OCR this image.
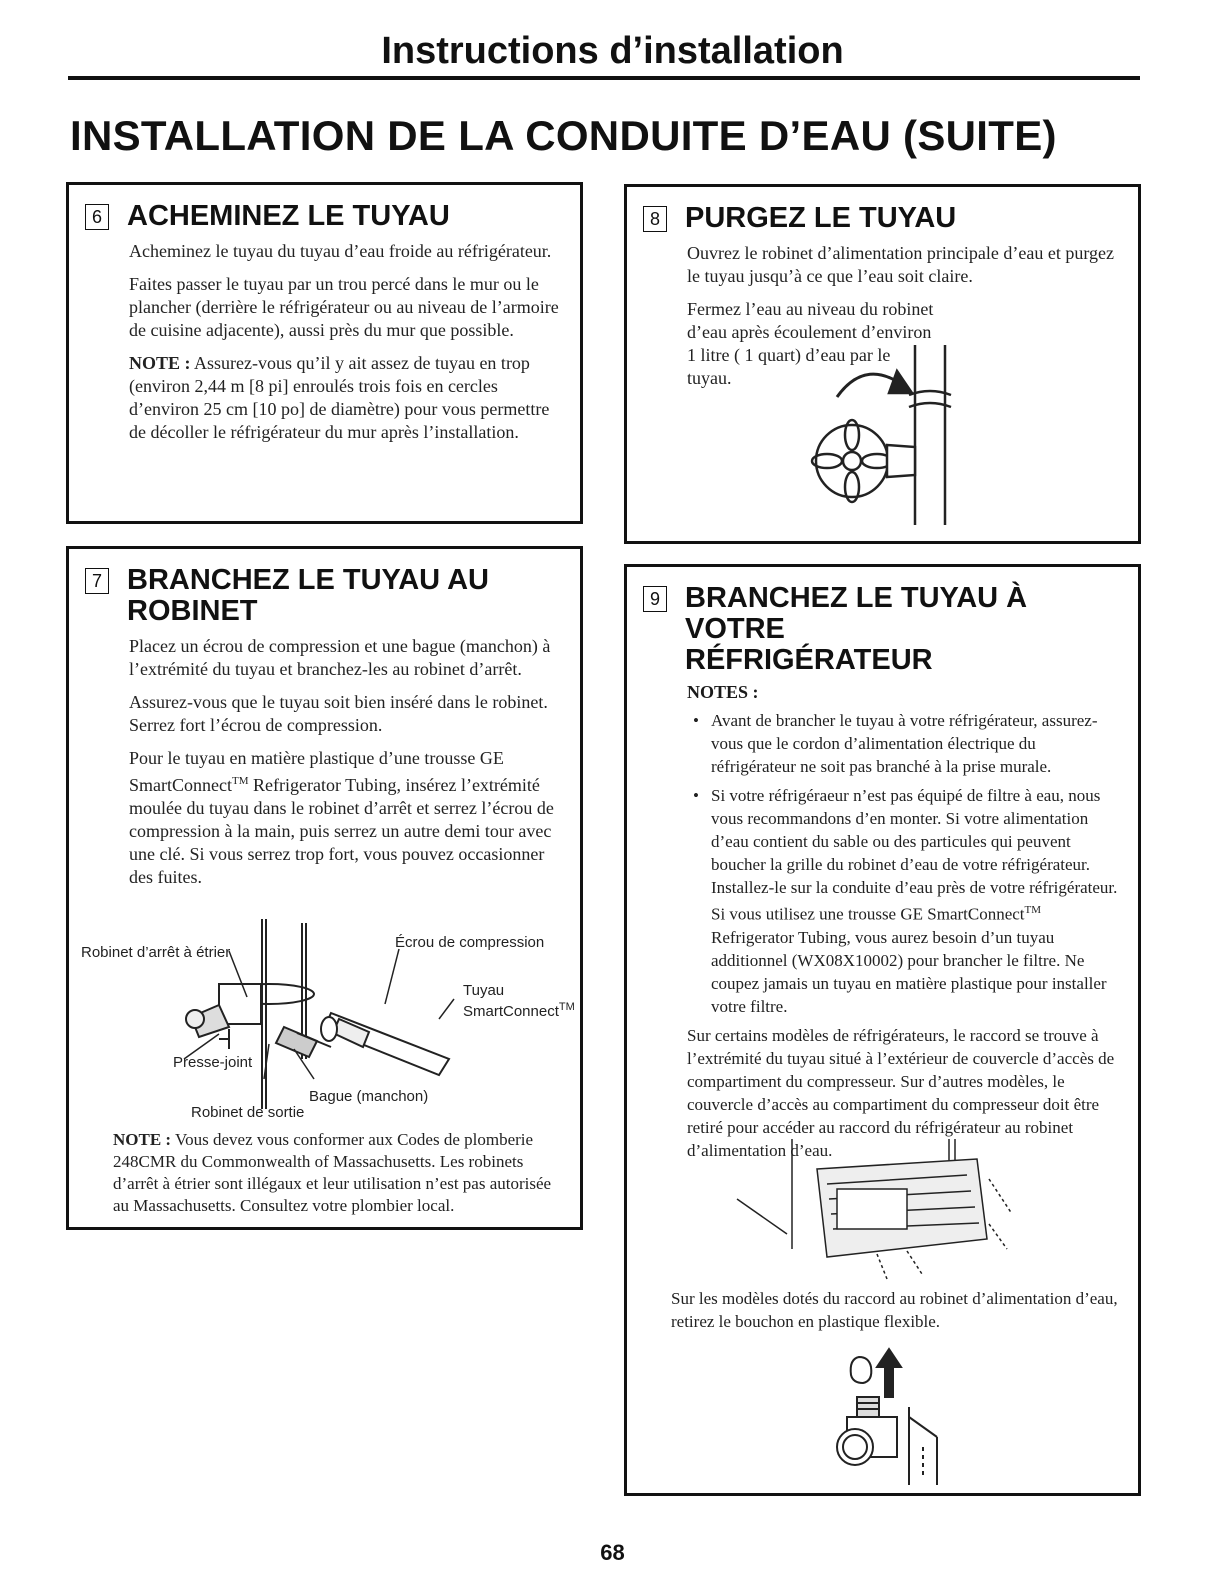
Instructions d’installation
INSTALLATION DE LA CONDUITE D’EAU (SUITE)
6 ACHEMINEZ LE TUYAU

Acheminez le tuyau du tuyau d’eau froide au réfrigérateur.

Faites passer le tuyau par un trou percé dans le mur ou le plancher (derrière le réfrigérateur ou au niveau de l’armoire de cuisine adjacente), aussi près du mur que possible.

NOTE : Assurez-vous qu’il y ait assez de tuyau en trop (environ 2,44 m [8 pi] enroulés trois fois en cercles d’environ 25 cm [10 po] de diamètre) pour vous permettre de décoller le réfrigérateur du mur après l’installation.

7 BRANCHEZ LE TUYAU AU
ROBINET

Placez un écrou de compression et une bague (manchon) à l’extrémité du tuyau et branchez-les au robinet d’arrêt.

Assurez-vous que le tuyau soit bien inséré dans le robinet. Serrez fort l’écrou de compression.

Pour le tuyau en matière plastique d’une trousse GE SmartConnect™ Refrigerator Tubing, insérez l’extrémité moulée du tuyau dans le robinet d’arrêt et serrez l’écrou de compression à la main, puis serrez un autre demi tour avec une clé. Si vous serrez trop fort, vous pouvez occasionner des fuites.

Robinet d’arrêt à étrier
Écrou de compression
Tuyau
SmartConnect™
Presse-joint
Robinet de sortie
Bague (manchon)

NOTE : Vous devez vous conformer aux Codes de plomberie 248CMR du Commonwealth of Massachusetts. Les robinets d’arrêt à étrier sont illégaux et leur utilisation n’est pas autorisée au Massachusetts. Consultez votre plombier local.

8 PURGEZ LE TUYAU

Ouvrez le robinet d’alimentation principale d’eau et purgez le tuyau jusqu’à ce que l’eau soit claire.

Fermez l’eau au niveau du robinet d’eau après écoulement d’environ 1 litre ( 1 quart) d’eau par le tuyau.

9 BRANCHEZ LE TUYAU À VOTRE
RÉFRIGÉRATEUR
NOTES :
• Avant de brancher le tuyau à votre réfrigérateur, assurez-vous que le cordon d’alimentation électrique du réfrigérateur ne soit pas branché à la prise murale.
• Si votre réfrigéraeur n’est pas équipé de filtre à eau, nous vous recommandons d’en monter. Si votre alimentation d’eau contient du sable ou des particules qui peuvent boucher la grille du robinet d’eau de votre réfrigérateur. Installez-le sur la conduite d’eau près de votre réfrigérateur. Si vous utilisez une trousse GE SmartConnect™ Refrigerator Tubing, vous aurez besoin d’un tuyau additionnel (WX08X10002) pour brancher le filtre. Ne coupez jamais un tuyau en matière plastique pour installer votre filtre.

Sur certains modèles de réfrigérateurs, le raccord se trouve à l’extrémité du tuyau situé à l’extérieur de couvercle d’accès de compartiment du compresseur. Sur d’autres modèles, le couvercle d’accès au compartiment du compresseur doit être retiré pour accéder au raccord du réfrigérateur au robinet d’alimentation d’eau.

Sur les modèles dotés du raccord au robinet d’alimentation d’eau, retirez le bouchon en plastique flexible.

68
